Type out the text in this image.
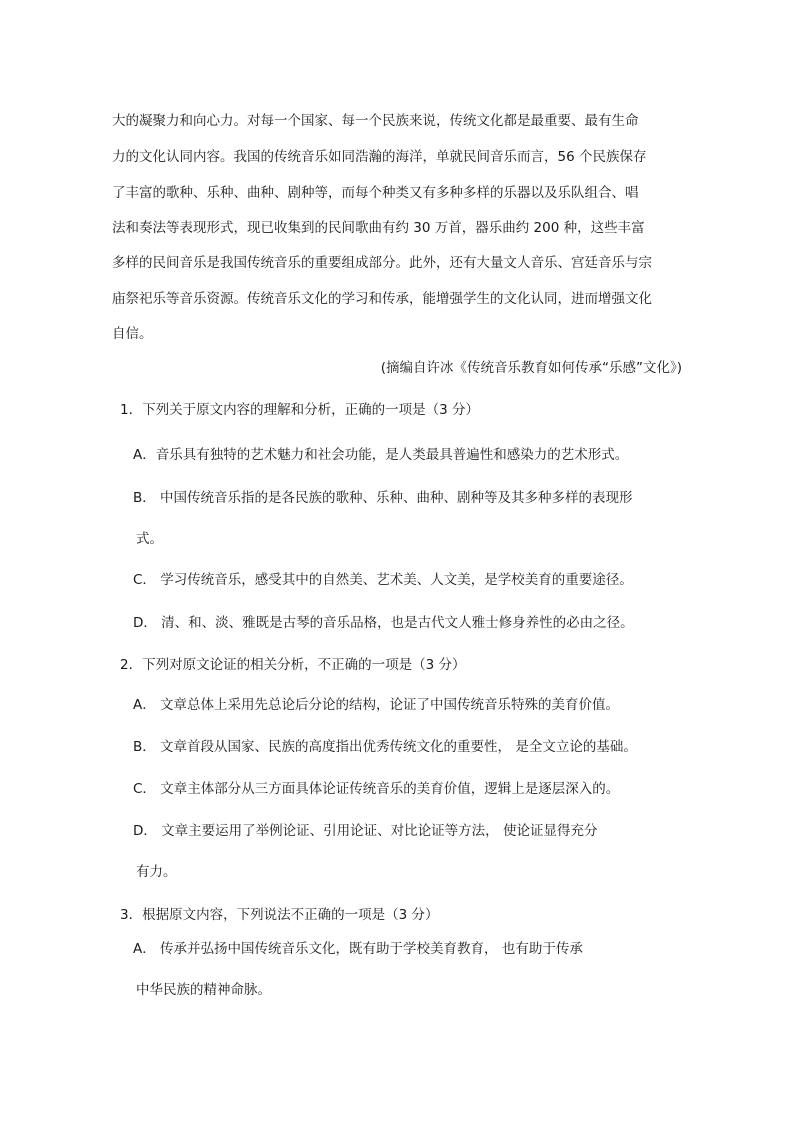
大的凝聚力和向心力。对每一个国家、每一个民族来说，传统文化都是最重要、最有生命
力的文化认同内容。我国的传统音乐如同浩瀚的海洋，单就民间音乐而言，56 个民族保存
了丰富的歌种、乐种、曲种、剧种等，而每个种类又有多种多样的乐器以及乐队组合、唱
法和奏法等表现形式，现已收集到的民间歌曲有约 30 万首，器乐曲约 200 种，这些丰富
多样的民间音乐是我国传统音乐的重要组成部分。此外，还有大量文人音乐、宫廷音乐与宗
庙祭祀乐等音乐资源。传统音乐文化的学习和传承，能增强学生的文化认同，进而增强文化
自信。
(摘编自许冰《传统音乐教育如何传承“乐感”文化》)
1．下列关于原文内容的理解和分析，正确的一项是（3 分）
A．音乐具有独特的艺术魅力和社会功能，是人类最具普遍性和感染力的艺术形式。
B． 中国传统音乐指的是各民族的歌种、乐种、曲种、剧种等及其多种多样的表现形
式。
C． 学习传统音乐，感受其中的自然美、艺术美、人文美，是学校美育的重要途径。
D． 清、和、淡、雅既是古琴的音乐品格，也是古代文人雅士修身养性的必由之径。
2．下列对原文论证的相关分析，不正确的一项是（3 分）
A． 文章总体上采用先总论后分论的结构，论证了中国传统音乐特殊的美育价值。
B． 文章首段从国家、民族的高度指出优秀传统文化的重要性， 是全文立论的基础。
C． 文章主体部分从三方面具体论证传统音乐的美育价值，逻辑上是逐层深入的。
D． 文章主要运用了举例论证、引用论证、对比论证等方法， 使论证显得充分
有力。
3．根据原文内容，下列说法不正确的一项是（3 分）
A． 传承并弘扬中国传统音乐文化，既有助于学校美育教育， 也有助于传承
中华民族的精神命脉。
